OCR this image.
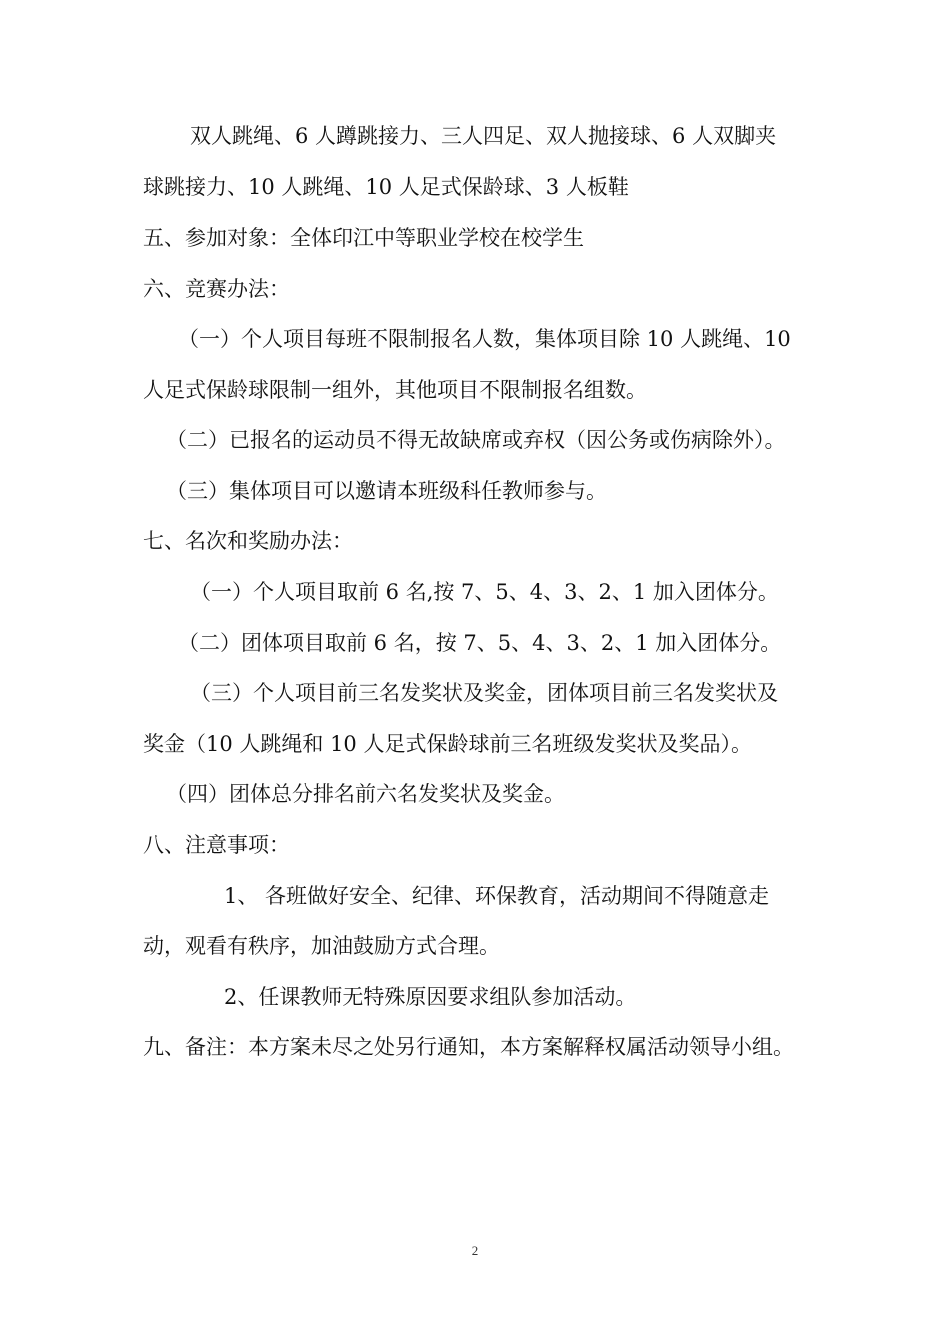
双人跳绳、6 人蹲跳接力、三人四足、双人抛接球、6 人双脚夹
球跳接力、10 人跳绳、10 人足式保龄球、3 人板鞋
五、参加对象：全体印江中等职业学校在校学生
六、竞赛办法：
（一）个人项目每班不限制报名人数，集体项目除 10 人跳绳、10
人足式保龄球限制一组外，其他项目不限制报名组数。
（二）已报名的运动员不得无故缺席或弃权（因公务或伤病除外）。
（三）集体项目可以邀请本班级科任教师参与。
七、名次和奖励办法：
（一）个人项目取前 6 名,按 7、5、4、3、2、1 加入团体分。
（二）团体项目取前 6 名，按 7、5、4、3、2、1 加入团体分。
（三）个人项目前三名发奖状及奖金，团体项目前三名发奖状及
奖金（10 人跳绳和 10 人足式保龄球前三名班级发奖状及奖品）。
（四）团体总分排名前六名发奖状及奖金。
八、注意事项：
1、 各班做好安全、纪律、环保教育，活动期间不得随意走
动，观看有秩序，加油鼓励方式合理。
2、任课教师无特殊原因要求组队参加活动。
九、备注：本方案未尽之处另行通知，本方案解释权属活动领导小组。
2
